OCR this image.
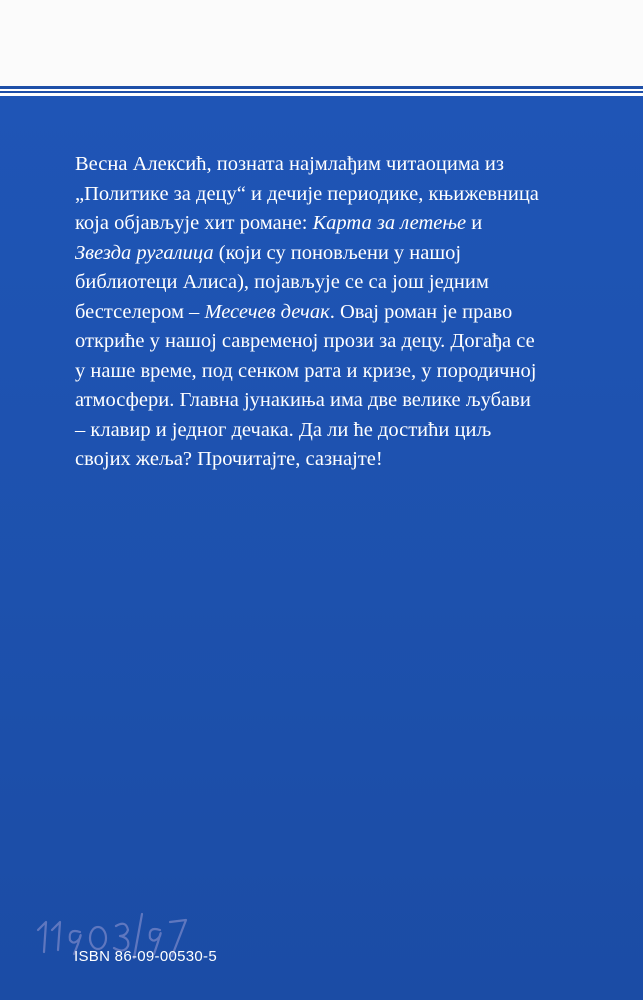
Весна Алексић, позната најмлађим читаоцима из
„Политике за децу“ и дечије периодике, књижевница
која објављује хит романе: Карта за летење и
Звезда ругалица (који су поновљени у нашој
библиотеци Алиса), појављује се са још једним
бестселером – Месечев дечак. Овај роман је право
откриће у нашој савременој прози за децу. Догађа се
у наше време, под сенком рата и кризе, у породичној
атмосфери. Главна јунакиња има две велике љубави
– клавир и једног дечака. Да ли ће достићи циљ
својих жеља? Прочитајте, сазнајте!

ISBN 86-09-00530-5
